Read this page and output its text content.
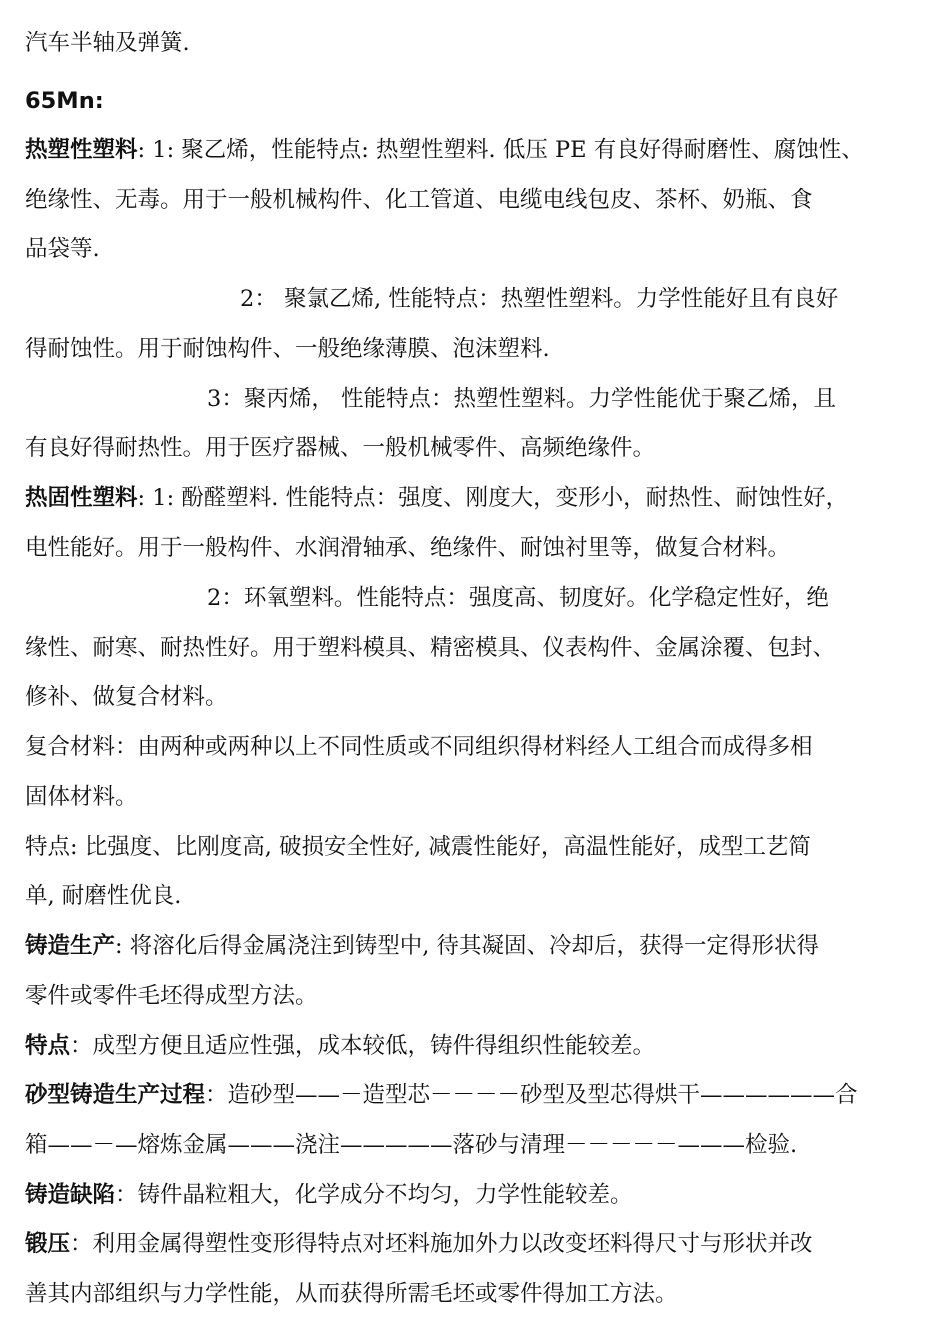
汽车半轴及弹簧.
65Mn:
热塑性塑料: 1: 聚乙烯，性能特点: 热塑性塑料. 低压 PE 有良好得耐磨性、腐蚀性、
绝缘性、无毒。用于一般机械构件、化工管道、电缆电线包皮、茶杯、奶瓶、食
品袋等.
2： 聚氯乙烯, 性能特点：热塑性塑料。力学性能好且有良好
得耐蚀性。用于耐蚀构件、一般绝缘薄膜、泡沫塑料.
3：聚丙烯， 性能特点：热塑性塑料。力学性能优于聚乙烯，且
有良好得耐热性。用于医疗器械、一般机械零件、高频绝缘件。
热固性塑料: 1: 酚醛塑料. 性能特点：强度、刚度大，变形小，耐热性、耐蚀性好，
电性能好。用于一般构件、水润滑轴承、绝缘件、耐蚀衬里等，做复合材料。
2：环氧塑料。性能特点：强度高、韧度好。化学稳定性好，绝
缘性、耐寒、耐热性好。用于塑料模具、精密模具、仪表构件、金属涂覆、包封、
修补、做复合材料。
复合材料：由两种或两种以上不同性质或不同组织得材料经人工组合而成得多相
固体材料。
特点: 比强度、比刚度高, 破损安全性好, 减震性能好，高温性能好，成型工艺简
单, 耐磨性优良.
铸造生产: 将溶化后得金属浇注到铸型中, 待其凝固、冷却后，获得一定得形状得
零件或零件毛坯得成型方法。
特点：成型方便且适应性强，成本较低，铸件得组织性能较差。
砂型铸造生产过程：造砂型——－造型芯－－－－砂型及型芯得烘干——————合
箱——－—熔炼金属———浇注—————落砂与清理－－－－－———检验.
铸造缺陷：铸件晶粒粗大，化学成分不均匀，力学性能较差。
锻压：利用金属得塑性变形得特点对坯料施加外力以改变坯料得尺寸与形状并改
善其内部组织与力学性能，从而获得所需毛坯或零件得加工方法。
